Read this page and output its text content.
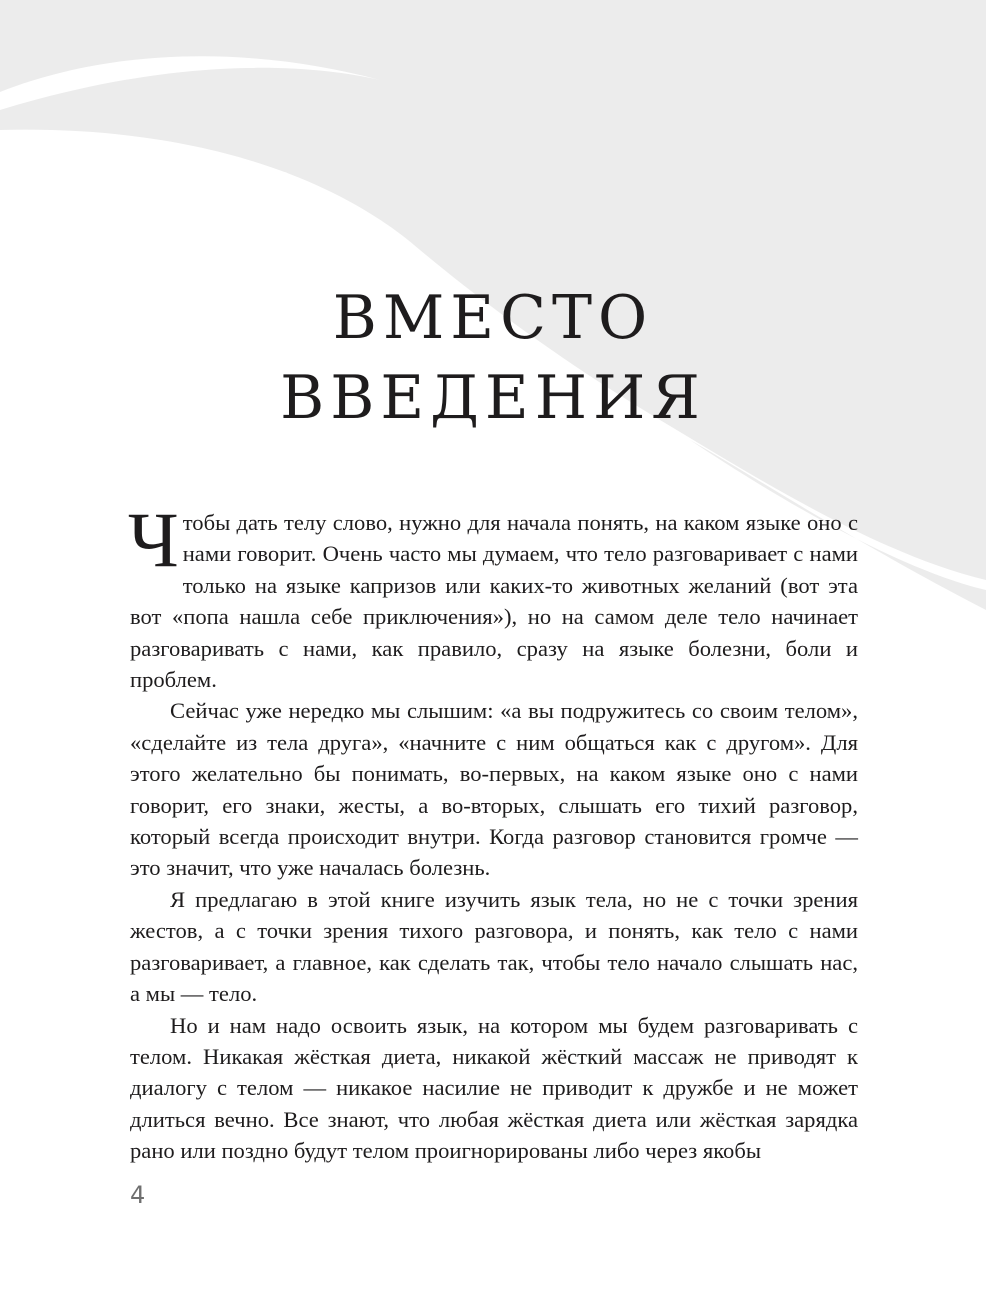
ВМЕСТО
ВВЕДЕНИЯ

Чтобы дать телу слово, нужно для начала понять, на каком языке оно с нами говорит. Очень часто мы думаем, что тело разговаривает с нами только на языке капризов или каких-то животных желаний (вот эта вот «попа нашла себе приключения»), но на самом деле тело начинает разговаривать с нами, как правило, сразу на языке болезни, боли и проблем.

Сейчас уже нередко мы слышим: «а вы подружитесь со своим телом», «сделайте из тела друга», «начните с ним общаться как с другом». Для этого желательно бы понимать, во-первых, на каком языке оно с нами говорит, его знаки, жесты, а во-вторых, слышать его тихий разговор, который всегда происходит внутри. Когда разговор становится громче — это значит, что уже началась болезнь.

Я предлагаю в этой книге изучить язык тела, но не с точки зрения жестов, а с точки зрения тихого разговора, и понять, как тело с нами разговаривает, а главное, как сделать так, чтобы тело начало слышать нас, а мы — тело.

Но и нам надо освоить язык, на котором мы будем разговаривать с телом. Никакая жёсткая диета, никакой жёсткий массаж не приводят к диалогу с телом — никакое насилие не приводит к дружбе и не может длиться вечно. Все знают, что любая жёсткая диета или жёсткая зарядка рано или поздно будут телом проигнорированы либо через якобы

4
